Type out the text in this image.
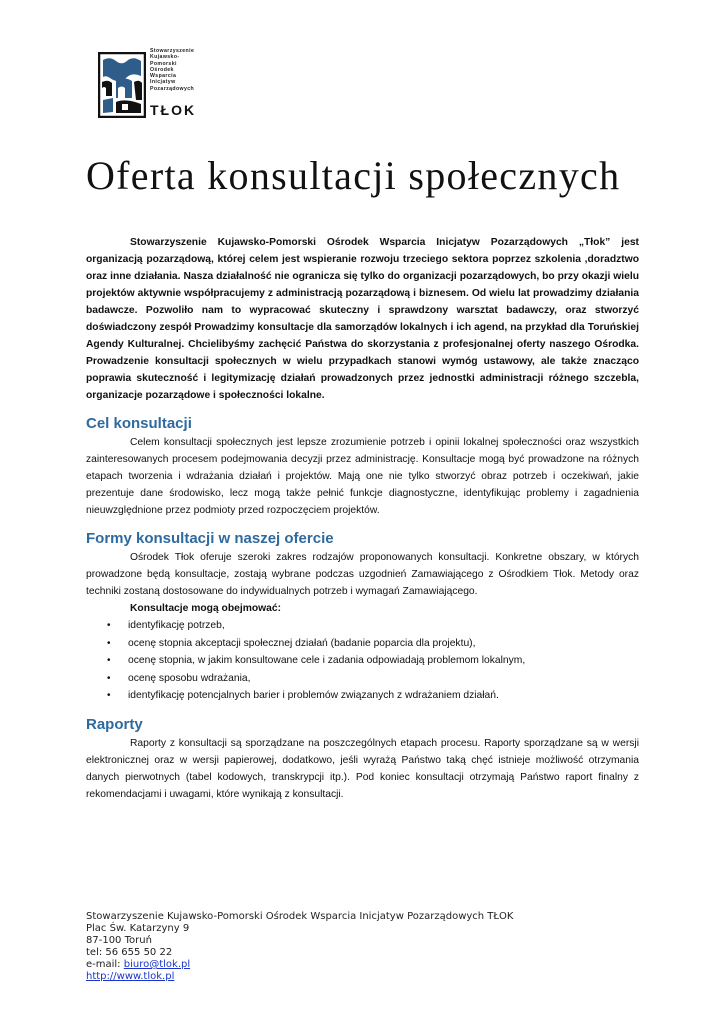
Stowarzyszenie
Kujawsko-
Pomorski
Ośrodek
Wsparcia
Inicjatyw
Pozarządowych
TŁOK
Oferta konsultacji społecznych

Stowarzyszenie Kujawsko-Pomorski Ośrodek Wsparcia Inicjatyw Pozarządowych „Tłok” jest organizacją pozarządową, której celem jest wspieranie rozwoju trzeciego sektora poprzez szkolenia ,doradztwo oraz inne działania. Nasza działalność nie ogranicza się tylko do organizacji pozarządowych, bo przy okazji wielu projektów aktywnie współpracujemy z administracją pozarządową i biznesem. Od wielu lat prowadzimy działania badawcze. Pozwoliło nam to wypracować skuteczny i sprawdzony warsztat badawczy, oraz stworzyć doświadczony zespół Prowadzimy konsultacje dla samorządów lokalnych i ich agend, na przykład dla Toruńskiej Agendy Kulturalnej. Chcielibyśmy zachęcić Państwa do skorzystania z profesjonalnej oferty naszego Ośrodka. Prowadzenie konsultacji społecznych w wielu przypadkach stanowi wymóg ustawowy, ale także znacząco poprawia skuteczność i legitymizację działań prowadzonych przez jednostki administracji różnego szczebla, organizacje pozarządowe i społeczności lokalne.

Cel konsultacji

Celem konsultacji społecznych jest lepsze zrozumienie potrzeb i opinii lokalnej społeczności oraz wszystkich zainteresowanych procesem podejmowania decyzji przez administrację. Konsultacje mogą być prowadzone na różnych etapach tworzenia i wdrażania działań i projektów. Mają one nie tylko stworzyć obraz potrzeb i oczekiwań, jakie prezentuje dane środowisko, lecz mogą także pełnić funkcje diagnostyczne, identyfikując problemy i zagadnienia nieuwzględnione przez podmioty przed rozpoczęciem projektów.

Formy konsultacji w naszej ofercie

Ośrodek Tłok oferuje szeroki zakres rodzajów proponowanych konsultacji. Konkretne obszary, w których prowadzone będą konsultacje, zostają wybrane podczas uzgodnień Zamawiającego z Ośrodkiem Tłok. Metody oraz techniki zostaną dostosowane do indywidualnych potrzeb i wymagań Zamawiającego.

Konsultacje mogą obejmować:

• identyfikację potrzeb,
• ocenę stopnia akceptacji społecznej działań (badanie poparcia dla projektu),
• ocenę stopnia, w jakim konsultowane cele i zadania odpowiadają problemom lokalnym,
• ocenę sposobu wdrażania,
• identyfikację potencjalnych barier i problemów związanych z wdrażaniem działań.
Raporty

Raporty z konsultacji są sporządzane na poszczególnych etapach procesu. Raporty sporządzane są w wersji elektronicznej oraz w wersji papierowej, dodatkowo, jeśli wyrażą Państwo taką chęć istnieje możliwość otrzymania danych pierwotnych (tabel kodowych, transkrypcji itp.). Pod koniec konsultacji otrzymają Państwo raport finalny z rekomendacjami i uwagami, które wynikają z konsultacji.

Stowarzyszenie Kujawsko-Pomorski Ośrodek Wsparcia Inicjatyw Pozarządowych TŁOK
Plac Św. Katarzyny 9
87-100 Toruń
tel: 56 655 50 22
e-mail: biuro@tlok.pl
http://www.tlok.pl
